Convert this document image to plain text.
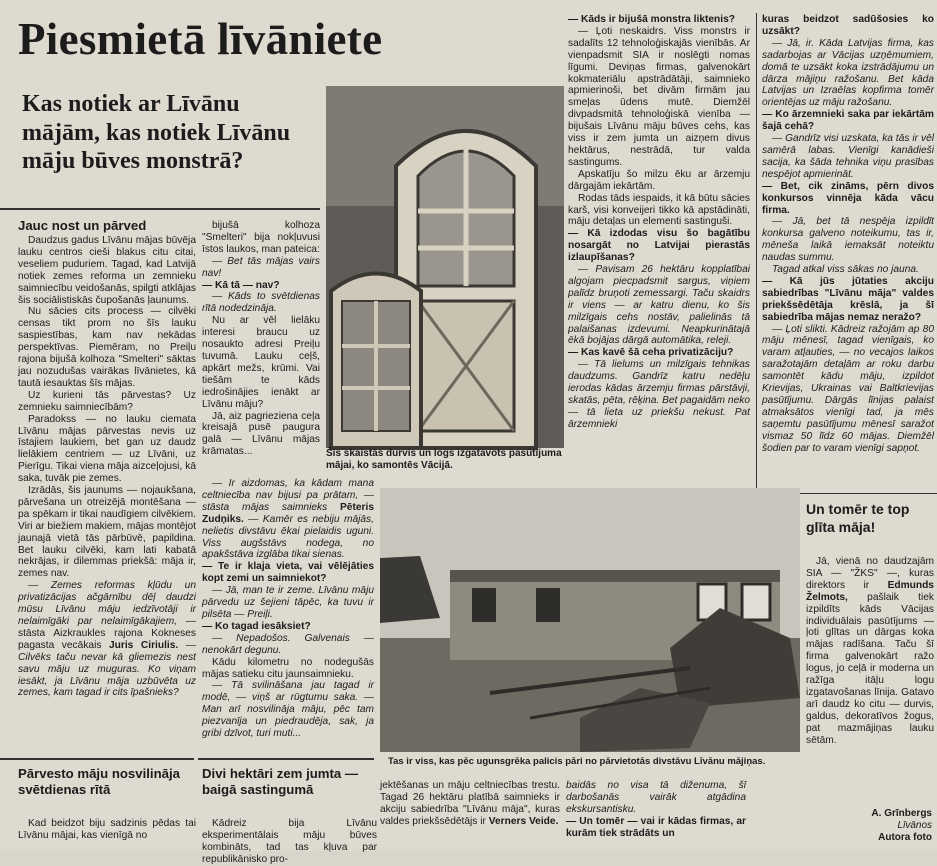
Piesmietā līvāniete
Kas notiek ar Līvānu mājām, kas notiek Līvānu māju būves monstrā?
Jauc nost un pārved

Daudzus gadus Līvānu mājas būvēja lauku centros cieši blakus citu citai, veseliem puduriem. Tagad, kad Latvijā notiek zemes reforma un zemnieku saimniecību veidošanās, spilgti atklājas šis sociālistiskās čupošanās ļaunums.

Nu sācies cits process — cilvēki censas tikt prom no šīs lauku saspiestības, kam nav nekādas perspektīvas. Piemēram, no Preiļu rajona bijušā kolhoza "Smelteri" sāktas jau nozudušas vairākas līvānietes, kā tautā iesauktas šīs mājas.

Uz kurieni tās pārvestas? Uz zemnieku saimniecībām?

Paradokss — no lauku ciemata Līvānu mājas pārvestas nevis uz īstajiem laukiem, bet gan uz daudz lielākiem centriem — uz Līvāni, uz Pierīgu. Tikai viena māja aizceļojusi, kā saka, tuvāk pie zemes.

Izrādās, šis jaunums — nojaukšana, pārvešana un otreizējā montēšana — pa spēkam ir tikai naudīgiem cilvēkiem. Viri ar biežiem makiem, mājas montējot jaunajā vietā tās pārbūvē, papildina. Bet lauku cilvēki, kam lati kabatā nekrājas, ir dilemmas priekšā: māja ir, zemes nav.

— Zemes reformas kļūdu un privatizācijas ačgārnību dēļ daudzi mūsu Līvānu māju iedzīvotāji ir nelaimīgāki par nelaimīgākajiem, — stāsta Aizkraukles rajona Kokneses pagasta vecākais Juris Ciriulis. — Cilvēks taču nevar kā gliemezis nest savu māju uz muguras. Ko viņam iesākt, ja Līvānu māja uzbūvēta uz zemes, kam tagad ir cits īpašnieks?

Pārvesto māju nosvilināja svētdienas rītā

Kad beidzot biju sadzinis pēdas tai Līvānu mājai, kas vienīgā no

bijušā kolhoza "Smelteri" bija nokļuvusi īstos laukos, man pateica:

— Bet tās mājas vairs nav!

— Kā tā — nav?

— Kāds to svētdienas rītā nodedzināja.

Nu ar vēl lielāku interesi braucu uz nosaukto adresi Preiļu tuvumā. Lauku ceļš, apkārt mežs, krūmi. Vai tiešām te kāds iedrošinājies ienākt ar Līvānu māju?

Jā, aiz pagrieziena ceļa kreisajā pusē paugura galā — Līvānu mājas krāmatas...

— Ir aizdomas, ka kādam mana celtniecība nav bijusi pa prātam, — stāsta mājas saimnieks Pēteris Zudņiks. — Kamēr es nebiju mājās, nelietis divstāvu ēkai pielaidis uguni. Viss augšstāvs nodega, no apakšstāva izglāba tikai sienas.

— Te ir klaja vieta, vai vēlējāties kopt zemi un saimniekot?

— Jā, man te ir zeme. Līvānu māju pārvedu uz šejieni tāpēc, ka tuvu ir pilsēta — Preiļi.

— Ko tagad iesāksiet?

— Nepadošos. Galvenais — nenokārt degunu.

Kādu kilometru no nodegušās mājas satieku citu jaunsaimnieku.

— Tā svilināšana jau tagad ir modē, — viņš ar rūgtumu saka. — Man arī nosvilināja māju, pēc tam piezvanīja un piedraudēja, sak, ja gribi dzīvot, turi muti...

Divi hektāri zem jumta — baigā sastingumā

Kādreiz bija Līvānu eksperimentālais māju būves kombināts, tad tas kļuva par republikānisko pro-

Šis skaistās durvis un logs izgatavots pasūtījuma mājai, ko samontēs Vācijā.

— Kāds ir bijušā monstra liktenis?

— Ļoti neskaidrs. Viss monstrs ir sadalīts 12 tehnoloģiskajās vienībās. Ar vienpadsmit SIA ir noslēgti nomas līgumi. Deviņas firmas, galvenokārt kokmateriālu apstrādātāji, saimnieko apmierinoši, bet divām firmām jau smeļas ūdens mutē. Diemžēl divpadsmitā tehnoloģiskā vienība — bijušais Līvānu māju būves cehs, kas viss ir zem jumta un aizņem divus hektārus, nestrādā, tur valda sastingums.

Apskatīju šo milzu ēku ar ārzemju dārgajām iekārtām.

Rodas tāds iespaids, it kā būtu sācies karš, visi konveijeri tikko kā apstādināti, māju detaļas un elementi sastinguši.

— Kā izdodas visu šo bagātību nosargāt no Latvijai pierastās izlaupīšanas?

— Pavisam 26 hektāru kopplatībai algojam piecpadsmit sargus, viņiem palīdz bruņoti zemessargi. Taču skaidrs ir viens — ar katru dienu, ko šis milzīgais cehs nostāv, palielinās tā palaišanas izdevumi. Neapkurinātajā ēkā bojājas dārgā automātika, releji.

— Kas kavē šā ceha privatizāciju?

— Tā lielums un milzīgais tehnikas daudzums. Gandrīz katru nedēļu ierodas kādas ārzemju firmas pārstāvji, skatās, pēta, rēķina. Bet pagaidām neko — tā lieta uz priekšu nekust. Pat ārzemnieki

kuras beidzot sadūšosies ko uzsākt?

— Jā, ir. Kāda Latvijas firma, kas sadarbojas ar Vācijas uzņēmumiem, domā te uzsākt koka izstrādājumu un dārza mājiņu ražošanu. Bet kāda Latvijas un Izraēlas kopfirma tomēr orientējas uz māju ražošanu.

— Ko ārzemnieki saka par iekārtām šajā cehā?

— Gandrīz visi uzskata, ka tās ir vēl samērā labas. Vienīgi kanādieši sacija, ka šāda tehnika viņu prasības nespējot apmierināt.

— Bet, cik zināms, pērn divos konkursos vinnēja kāda vācu firma.

— Jā, bet tā nespēja izpildīt konkursa galveno noteikumu, tas ir, mēneša laikā iemaksāt noteiktu naudas summu.

Tagad atkal viss sākas no jauna.

— Kā jūs jūtaties akciju sabiedrības "Līvānu māja" valdes priekšsēdētāja krēslā, ja šī sabiedrība mājas nemaz neražo?

— Ļoti slikti. Kādreiz ražojām ap 80 māju mēnesī, tagad vienīgais, ko varam atļauties, — no vecajos laikos saražotajām detaļām ar roku darbu samontēt kādu māju, izpildot Krievijas, Ukrainas vai Baltkrievijas pasūtījumu. Dārgās līnijas palaist atmaksātos vienīgi tad, ja mēs saņemtu pasūtījumu mēnesī saražot vismaz 50 līdz 60 mājas. Diemžēl šodien par to varam vienīgi sapņot.

Un tomēr te top glīta māja!

Jā, vienā no daudzajām SIA — "ŽKS" —, kuras direktors ir Edmunds Želmots, pašlaik tiek izpildīts kāds Vācijas individuālais pasūtījums — ļoti glītas un dārgas koka mājas radīšana. Taču šī firma galvenokārt ražo logus, jo ceļā ir moderna un ražīga itāļu logu izgatavošanas līnija. Gatavo arī daudz ko citu — durvis, galdus, dekoratīvos žogus, pat mazmājiņas lauku sētām.

Tas ir viss, kas pēc ugunsgrēka palicis pāri no pārvietotās divstāvu Līvānu mājiņas.

jektēšanas un māju celtniecības trestu. Tagad 26 hektāru platībā saimnieks ir akciju sabiedrība "Līvānu māja", kuras valdes priekšsēdētājs ir Verners Veide.

baidās no visa tā diženuma, šī darbošanās vairāk atgādina ekskursantisku.

— Un tomēr — vai ir kādas firmas, ar kurām tiek strādāts un

A. Grīnbergs
Līvānos
Autora foto
